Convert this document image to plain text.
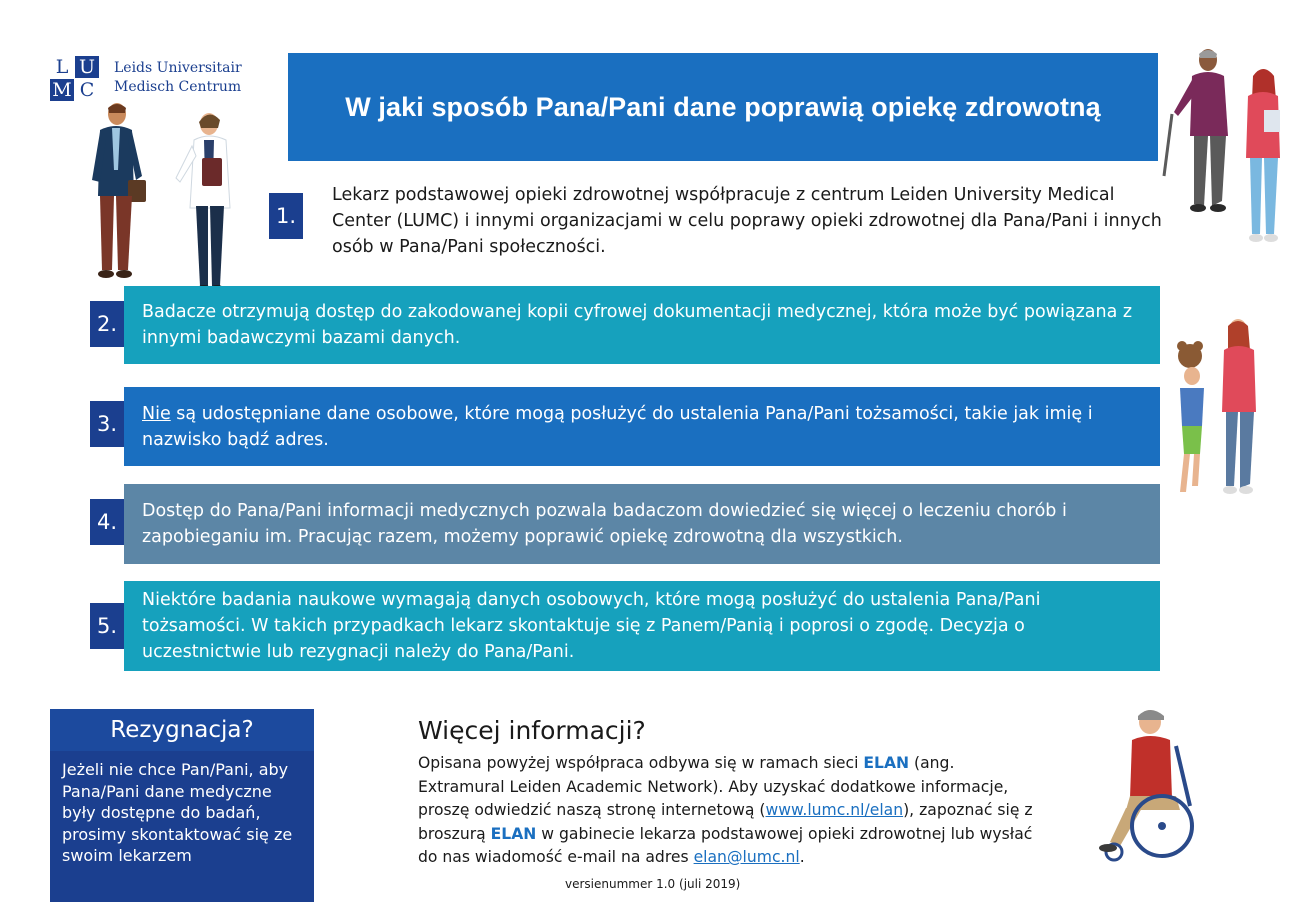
L U
M C
Leids Universitair
Medisch Centrum
W jaki sposób Pana/Pani dane poprawią opiekę zdrowotną
1.
Lekarz podstawowej opieki zdrowotnej współpracuje z centrum Leiden University Medical Center (LUMC) i innymi organizacjami w celu poprawy opieki zdrowotnej dla Pana/Pani i innych osób w Pana/Pani społeczności.
2.	Badacze otrzymują dostęp do zakodowanej kopii cyfrowej dokumentacji medycznej, która może być powiązana z innymi badawczymi bazami danych.
3.	Nie są udostępniane dane osobowe, które mogą posłużyć do ustalenia Pana/Pani tożsamości, takie jak imię i nazwisko bądź adres.
4.	Dostęp do Pana/Pani informacji medycznych pozwala badaczom dowiedzieć się więcej o leczeniu chorób i zapobieganiu im. Pracując razem, możemy poprawić opiekę zdrowotną dla wszystkich.
5.
Niektóre badania naukowe wymagają danych osobowych, które mogą posłużyć do ustalenia Pana/Pani tożsamości. W takich przypadkach lekarz skontaktuje się z Panem/Panią i poprosi o zgodę. Decyzja o uczestnictwie lub rezygnacji należy do Pana/Pani.
Rezygnacja?
Jeżeli nie chce Pan/Pani, aby Pana/Pani dane medyczne były dostępne do badań, prosimy skontaktować się ze swoim lekarzem
Więcej informacji?
Opisana powyżej współpraca odbywa się w ramach sieci ELAN (ang. Extramural Leiden Academic Network). Aby uzyskać dodatkowe informacje, proszę odwiedzić naszą stronę internetową (www.lumc.nl/elan), zapoznać się z broszurą ELAN w gabinecie lekarza podstawowej opieki zdrowotnej lub wysłać do nas wiadomość e-mail na adres elan@lumc.nl.
versienummer 1.0 (juli 2019)
